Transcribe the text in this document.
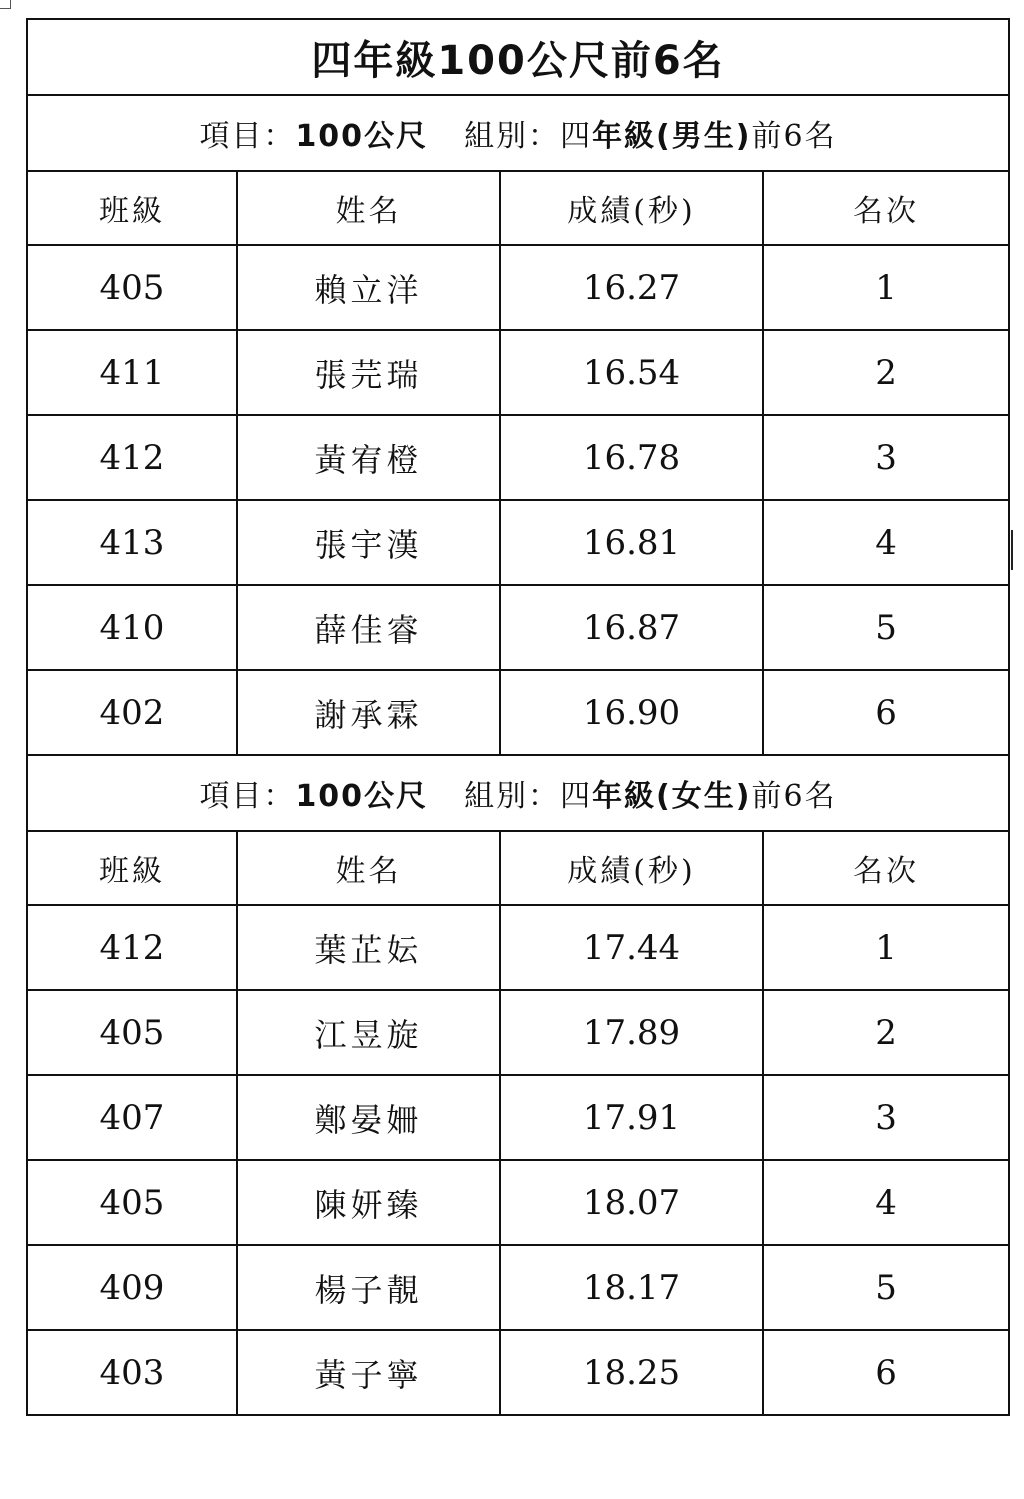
四年級100公尺前6名			
項目：100公尺 組別：四年級(男生)前6名			
班級	姓名	成績(秒)	名次
405	賴立洋	16.27	1
411	張芫瑞	16.54	2
412	黃宥橙	16.78	3
413	張宇漢	16.81	4
410	薛佳睿	16.87	5
402	謝承霖	16.90	6
項目：100公尺 組別：四年級(女生)前6名			
班級	姓名	成績(秒)	名次
412	葉芷妘	17.44	1
405	江昱旋	17.89	2
407	鄭晏姍	17.91	3
405	陳妍臻	18.07	4
409	楊子靚	18.17	5
403	黃子寧	18.25	6
